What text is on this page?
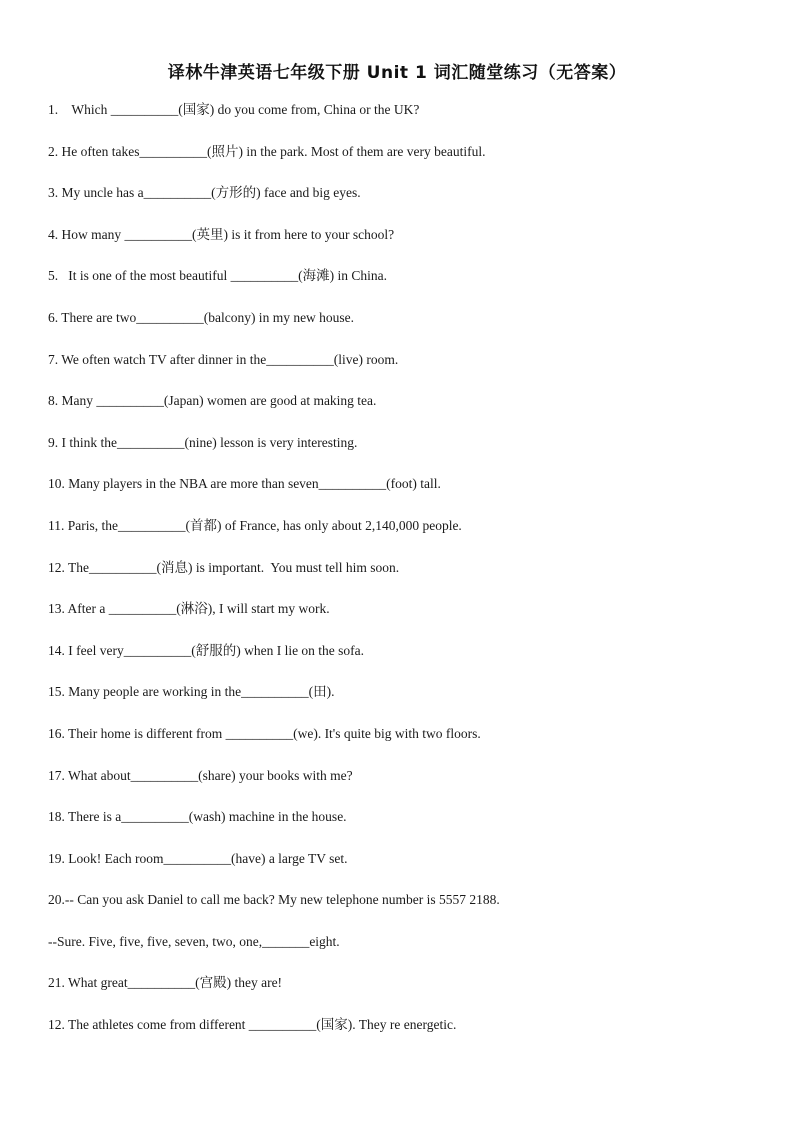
译林牛津英语七年级下册 Unit 1 词汇随堂练习（无答案）
1.    Which __________(国家) do you come from, China or the UK?
2. He often takes__________(照片) in the park. Most of them are very beautiful.
3. My uncle has a__________(方形的) face and big eyes.
4. How many __________(英里) is it from here to your school?
5.   It is one of the most beautiful __________(海滩) in China.
6. There are two__________(balcony) in my new house.
7. We often watch TV after dinner in the__________(live) room.
8. Many __________(Japan) women are good at making tea.
9. I think the__________(nine) lesson is very interesting.
10. Many players in the NBA are more than seven__________(foot) tall.
11. Paris, the__________(首都) of France, has only about 2,140,000 people.
12. The__________(消息) is important.  You must tell him soon.
13. After a __________(淋浴), I will start my work.
14. I feel very__________(舒服的) when I lie on the sofa.
15. Many people are working in the__________(田).
16. Their home is different from __________(we). It's quite big with two floors.
17. What about__________(share) your books with me?
18. There is a__________(wash) machine in the house.
19. Look! Each room__________(have) a large TV set.
20.-- Can you ask Daniel to call me back? My new telephone number is 5557 2188.
--Sure. Five, five, five, seven, two, one,_______eight.
21. What great__________(宫殿) they are!
12. The athletes come from different __________(国家). They re energetic.
